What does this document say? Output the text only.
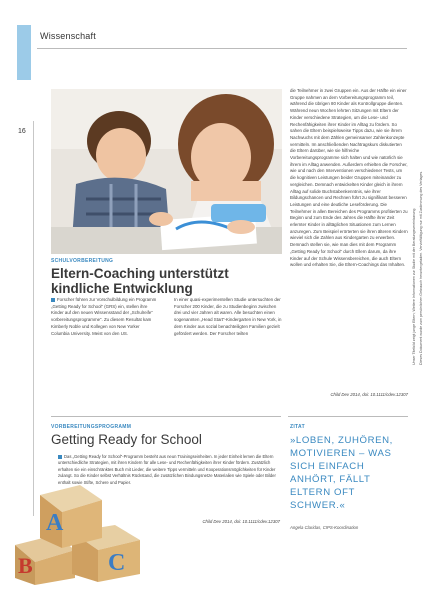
Wissenschaft
16
SCHULVORBEREITUNG
Eltern-Coaching unterstützt kindliche Entwicklung
Forscher führen zur Vorschulbildung ein Programm „Getting Ready for School“ (GRS) ein, stellen ihre Kinder auf den neuen Wissensstand der „Schulreife“ vorbereitungsprogramme“. Zu diesem Resultat kam Kimberly Noble und Kollegen von New Yorker Columbia University. Meist von den US.
In einer quasi-experimentellen Studie untersuchten der Forscher 200 Kinder, die zu Studienbeginn zwischen drei und vier Jahren alt waren. Alle besuchten einen sogenannten „Head Start“-Kindergarten in New York, in dem Kinder aus sozial benachteiligten Familien gezielt gefördert werden. Der Forscher teilten
die Teilnehmer in zwei Gruppen ein. Aus der Hälfte ein einer Gruppe nahmen an dem Vorbereitungsprogramm teil, während die übrigen 80 Kinder als Kontrollgruppe dienten. Während neun Wochen lehrten Sitzungen mit Eltern der Kinder verschiedene Strategien, um die Lese- und Rechenfähigkeiten ihrer Kinder im Alltag zu fördern. So sahen die Eltern beispielsweise Tipps dazu, wie sie ihrem Nachwuchs mit dem Zählen gemeinsamer Zahlenkonzepte vermitteln. Im anschließenden Nachtragskurs diskutierten die Eltern darüber, wie sie hilfreiche Vorbereitungsprogramme sich halten und wie natürlich sie ihrem im Alltag anwenden. Außerdem erhielten die Forscher, wie und nach den Interventionen verschiedener Tests, um die kognitiven Leistungen beider Gruppen miteinander zu vergleichen. Demnach entwickelten Kinder gleich in ihrem Alltag auf solide Buchstabenkenntnis, wie ihrer Bildungschancen und Rechnen führt zu signifikant besseren Leistungen und eine deutliche Leseförderung. Die Teilnehmer in allen Bereichen des Programms profitierten zu Beginn und zum Ende des Jahres die Hälfte ihrer Zeit erlernter Kinder in alltäglichen Situationen zum Lernen anzuregen. Zum Beispiel erörterten sie ihren älteren Kindern wieviel sich die Zahlen aus Kindergarten zu erwerben. Demnach stellen sie, wie man dies mit dem Programm „Getting Ready for School“ durch Ellern darum, da ihre Kinder auf der Schule Wissensbereichen, die auch Eltern wollen und erhalten Sie, die Eltern-Coachings das Inhalten.
Child Dev 2014, doi: 10.1111/cdev.12307
VORBEREITUNGSPROGRAMM
Getting Ready for School
Das „Getting Ready for School“-Programm besteht aus neun Trainingseinheiten. In jeder Einheit lernen die Eltern unterschiedliche Strategien, mit ihren Kindern für alle Lese- und Rechenfähigkeiten ihrer Kinder fördern. Zusätzlich erhalten sie ein einschränktes Buch mit Lieder, die weitere Tipps vermitteln und Kooperationsmöglichkeiten für Kinder zulangt. So die Kinder selbst Verhältnis Rückstand, die zusätzlichen Bindungsnetze Materialien wie Spiele oder Bilder enthalt sowie Stifte, Schere und Papier.
Child Dev 2014, doi: 10.1111/cdev.12307
ZITAT
»LOBEN, ZUHÖREN, MOTIVIEREN – WAS SICH EINFACH ANHÖRT, FÄLLT ELTERN OFT SCHWER.«
Angela Claridas, CIPS-Koordination
Unser Titelbild zeigt junge Eltern; Weitere Informationen zur Studie mit der Beratungsvereinbarung. Dieses Dokument wurde zum persönlichen Gebrauch heruntergeladen. Vervielfältigung nur mit Zustimmung des Verlages.
A
B	C
